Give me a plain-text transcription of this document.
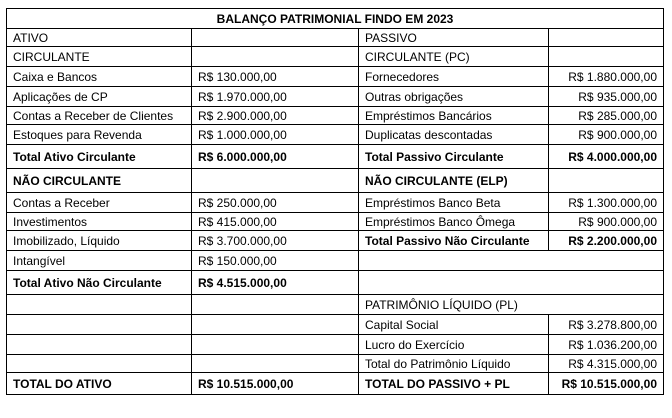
BALANÇO PATRIMONIAL FINDO EM 2023			
ATIVO		PASSIVO	
CIRCULANTE		CIRCULANTE (PC)	
Caixa e Bancos	R$ 130.000,00	Fornecedores	R$ 1.880.000,00
Aplicações de CP	R$ 1.970.000,00	Outras obrigações	R$ 935.000,00
Contas a Receber de Clientes	R$ 2.900.000,00	Empréstimos Bancários	R$ 285.000,00
Estoques para Revenda	R$ 1.000.000,00	Duplicatas descontadas	R$ 900.000,00
Total Ativo Circulante	R$ 6.000.000,00	Total Passivo Circulante	R$ 4.000.000,00
NÃO CIRCULANTE		NÃO CIRCULANTE (ELP)	
Contas a Receber	R$ 250.000,00	Empréstimos Banco Beta	R$ 1.300.000,00
Investimentos	R$ 415.000,00	Empréstimos Banco Ômega	R$ 900.000,00
Imobilizado, Líquido	R$ 3.700.000,00	Total Passivo Não Circulante	R$ 2.200.000,00
Intangível	R$ 150.000,00		
Total Ativo Não Circulante	R$ 4.515.000,00		
		PATRIMÔNIO LÍQUIDO (PL)	
		Capital Social	R$ 3.278.800,00
		Lucro do Exercício	R$ 1.036.200,00
		Total do Patrimônio Líquido	R$ 4.315.000,00
TOTAL DO ATIVO	R$ 10.515.000,00	TOTAL DO PASSIVO + PL	R$ 10.515.000,00
